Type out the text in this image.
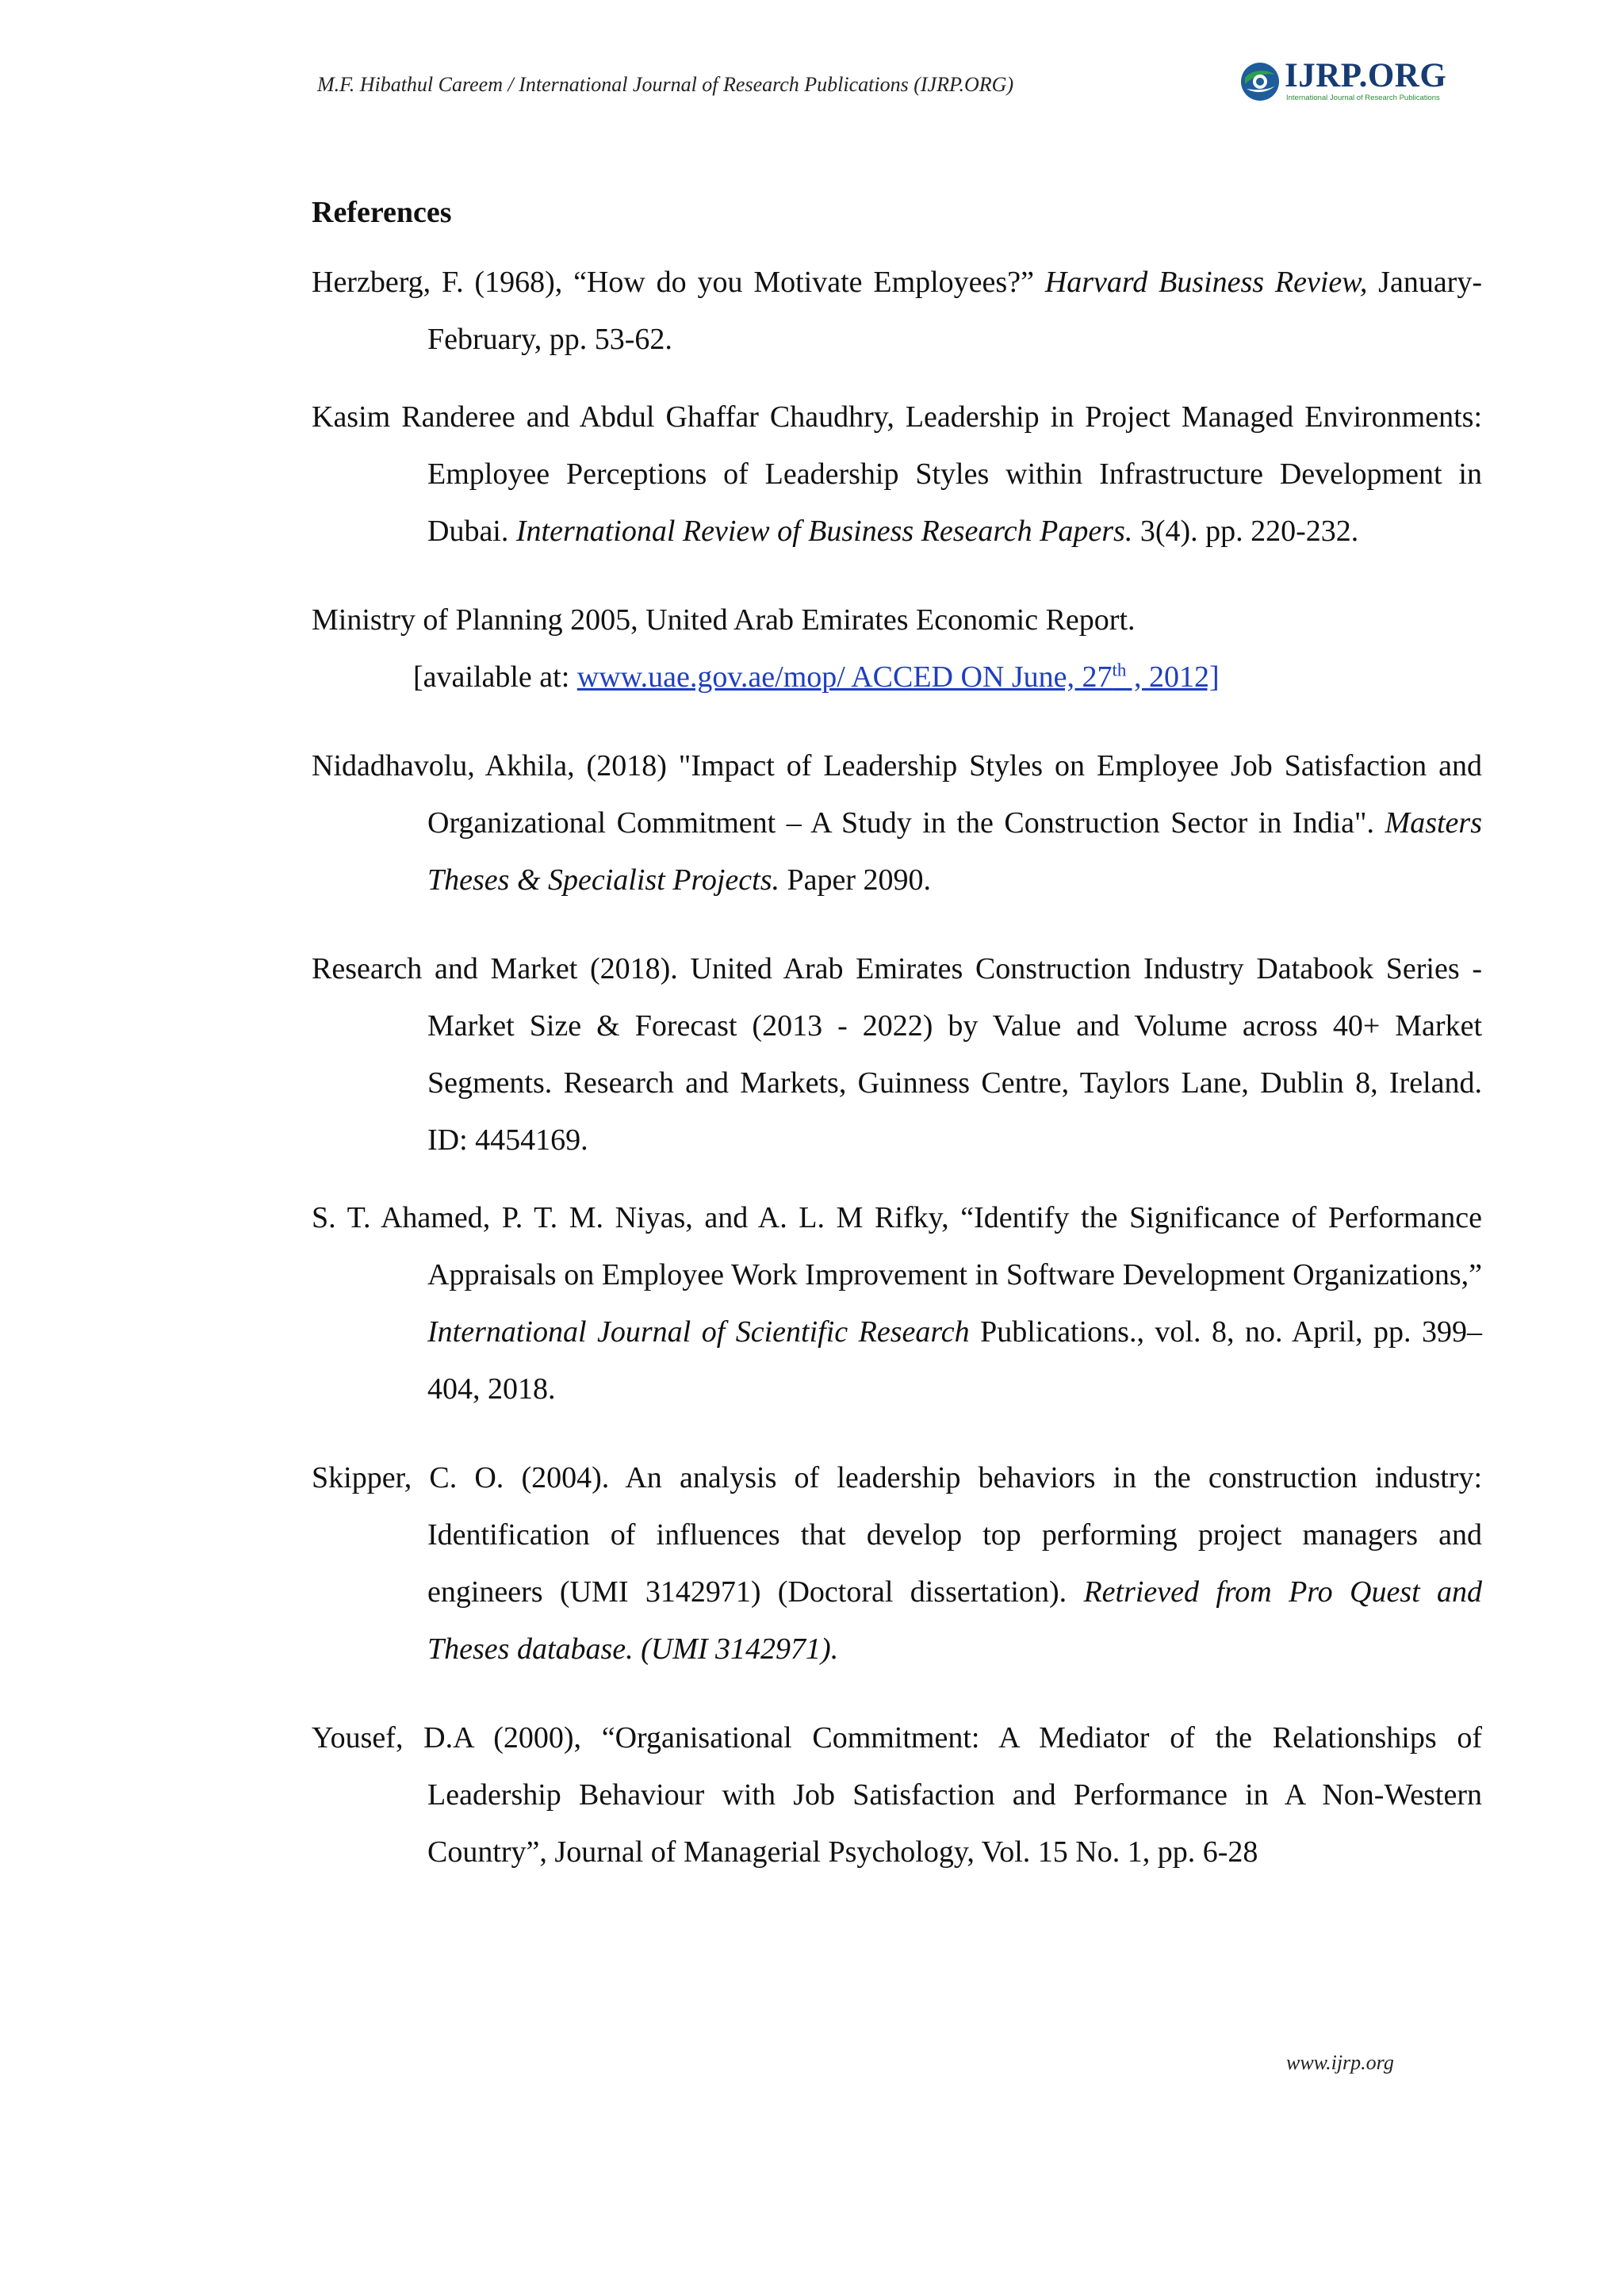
M.F. Hibathul Careem / International Journal of Research Publications (IJRP.ORG)	IJRP.ORG
International Journal of Research Publications
References
Herzberg, F. (1968), “How do you Motivate Employees?” Harvard Business Review, January-February, pp. 53-62.
Kasim Randeree and Abdul Ghaffar Chaudhry, Leadership in Project Managed Environments: Employee Perceptions of Leadership Styles within Infrastructure Development in Dubai. International Review of Business Research Papers. 3(4). pp. 220-232.
Ministry of Planning 2005, United Arab Emirates Economic Report.
[available at: www.uae.gov.ae/mop/ ACCED ON June, 27th , 2012]
Nidadhavolu, Akhila, (2018) "Impact of Leadership Styles on Employee Job Satisfaction and Organizational Commitment – A Study in the Construction Sector in India". Masters Theses & Specialist Projects. Paper 2090.
Research and Market (2018). United Arab Emirates Construction Industry Databook Series - Market Size & Forecast (2013 - 2022) by Value and Volume across 40+ Market Segments. Research and Markets, Guinness Centre, Taylors Lane, Dublin 8, Ireland. ID: 4454169.
S. T. Ahamed, P. T. M. Niyas, and A. L. M Rifky, “Identify the Significance of Performance Appraisals on Employee Work Improvement in Software Development Organizations,” International Journal of Scientific Research Publications., vol. 8, no. April, pp. 399–404, 2018.
Skipper, C. O. (2004). An analysis of leadership behaviors in the construction industry: Identification of influences that develop top performing project managers and engineers (UMI 3142971) (Doctoral dissertation). Retrieved from Pro Quest and Theses database. (UMI 3142971).
Yousef, D.A (2000), “Organisational Commitment: A Mediator of the Relationships of Leadership Behaviour with Job Satisfaction and Performance in A Non-Western Country”, Journal of Managerial Psychology, Vol. 15 No. 1, pp. 6-28
www.ijrp.org
